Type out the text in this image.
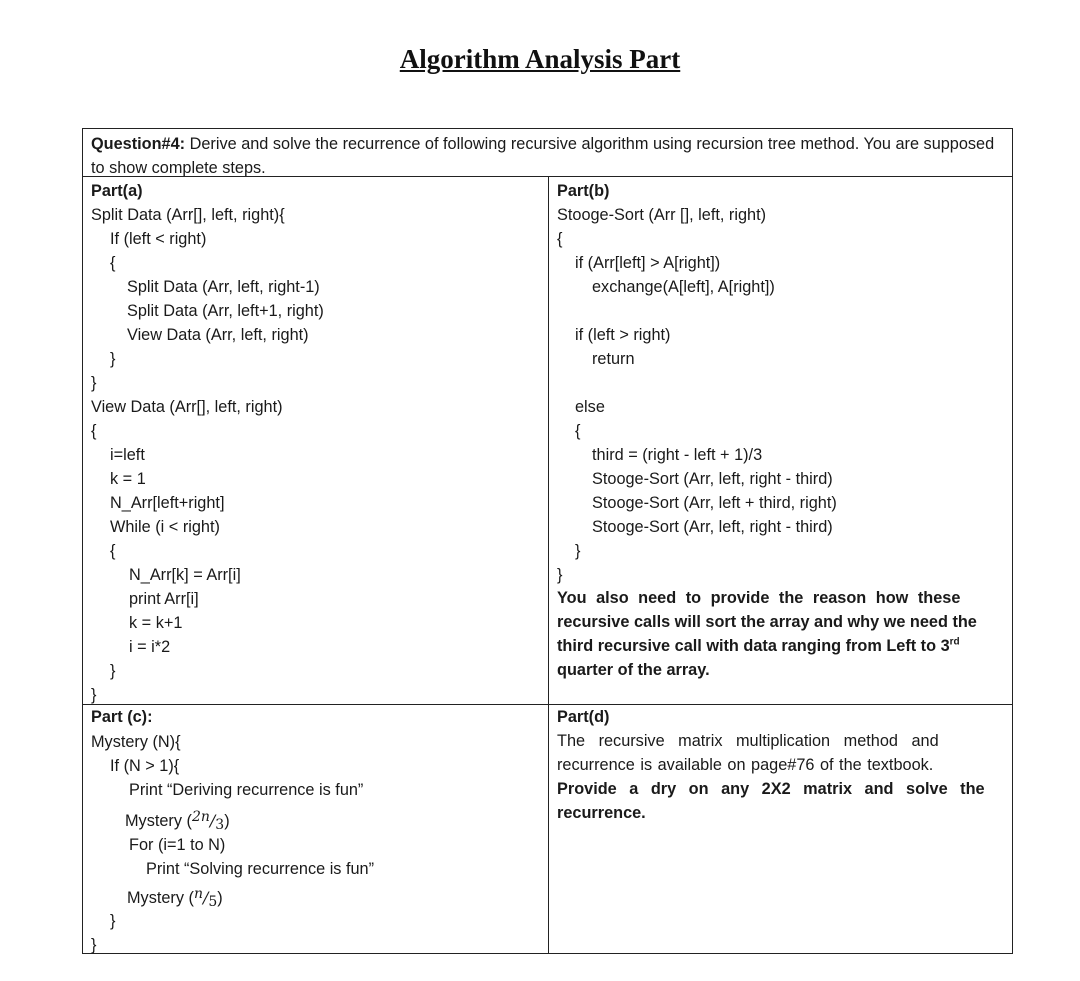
Algorithm Analysis Part
Question#4: Derive and solve the recurrence of following recursive algorithm using recursion tree method. You are supposed to show complete steps.
Part(a)
Split Data (Arr[], left, right){
If (left < right)
{
Split Data (Arr, left, right-1)
Split Data (Arr, left+1, right)
View Data (Arr, left, right)
}
}
View Data (Arr[], left, right)
{
i=left
k = 1
N_Arr[left+right]
While (i < right)
{
N_Arr[k] = Arr[i]
print Arr[i]
k = k+1
i = i*2
}
}
Part(b)
Stooge-Sort (Arr [], left, right)
{
if (Arr[left] > A[right])
exchange(A[left], A[right])
if (left > right)
return
else
{
third = (right - left + 1)/3
Stooge-Sort (Arr, left, right - third)
Stooge-Sort (Arr, left + third, right)
Stooge-Sort (Arr, left, right - third)
}
}
You also need to provide the reason how these
recursive calls will sort the array and why we need the
third recursive call with data ranging from Left to 3rd
quarter of the array.
Part (c):
Mystery (N){
If (N > 1){
Print “Deriving recurrence is fun”
Mystery (2n/3)
For (i=1 to N)
Print “Solving recurrence is fun”
Mystery (n/5)
}
}
Part(d)
The recursive matrix multiplication method and
recurrence is available on page#76 of the textbook.
Provide a dry on any 2X2 matrix and solve the
recurrence.
